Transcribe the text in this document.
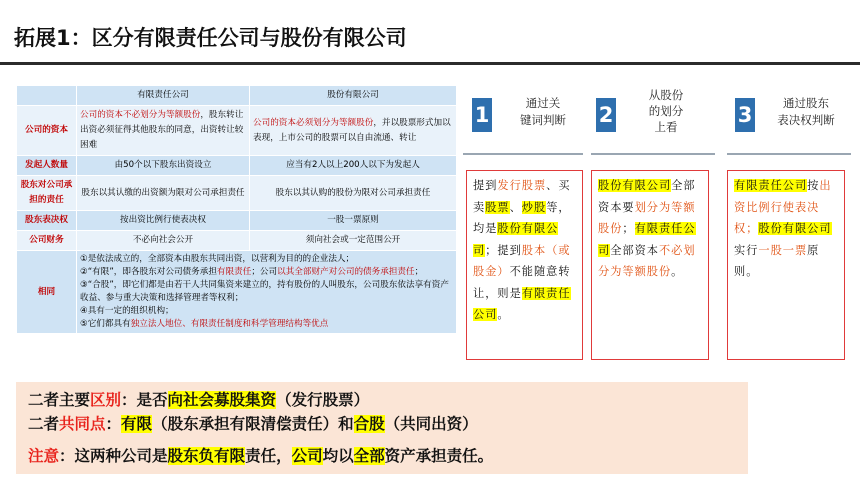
拓展1：区分有限责任公司与股份有限公司
	有限责任公司	股份有限公司
公司的资本	公司的资本不必划分为等额股份，股东转让出资必须征得其他股东的同意，出资转让较困难	公司的资本必须划分为等额股份，并以股票形式加以表现，上市公司的股票可以自由流通、转让
发起人数量	由50个以下股东出资设立	应当有2人以上200人以下为发起人
股东对公司承担的责任	股东以其认缴的出资额为限对公司承担责任	股东以其认购的股份为限对公司承担责任
股东表决权	按出资比例行使表决权	一股一票原则
公司财务	不必向社会公开	须向社会或一定范围公开
相同	①是依法成立的，全部资本由股东共同出资，以营利为目的的企业法人；
②“有限”，即各股东对公司债务承担有限责任；公司以其全部财产对公司的债务承担责任；
③“合股”，即它们都是由若干人共同集资来建立的，持有股份的人叫股东，公司股东依法享有资产收益、参与重大决策和选择管理者等权利；
④具有一定的组织机构；
⑤它们都具有独立法人地位、有限责任制度和科学管理结构等优点	
1	通过关
键词判断	2
从股份
的划分
上看	3	通过股东
表决权判断
提到发行股票、买卖股票、炒股等，均是股份有限公司；提到股本（或股金）不能随意转让，则是有限责任公司。
股份有限公司全部资本要划分为等额股份；有限责任公司全部资本不必划分为等额股份。
有限责任公司按出资比例行使表决权；股份有限公司实行一股一票原则。
二者主要区别：是否向社会募股集资（发行股票）
二者共同点：有限（股东承担有限清偿责任）和合股（共同出资）
注意：这两种公司是股东负有限责任，公司均以全部资产承担责任。
